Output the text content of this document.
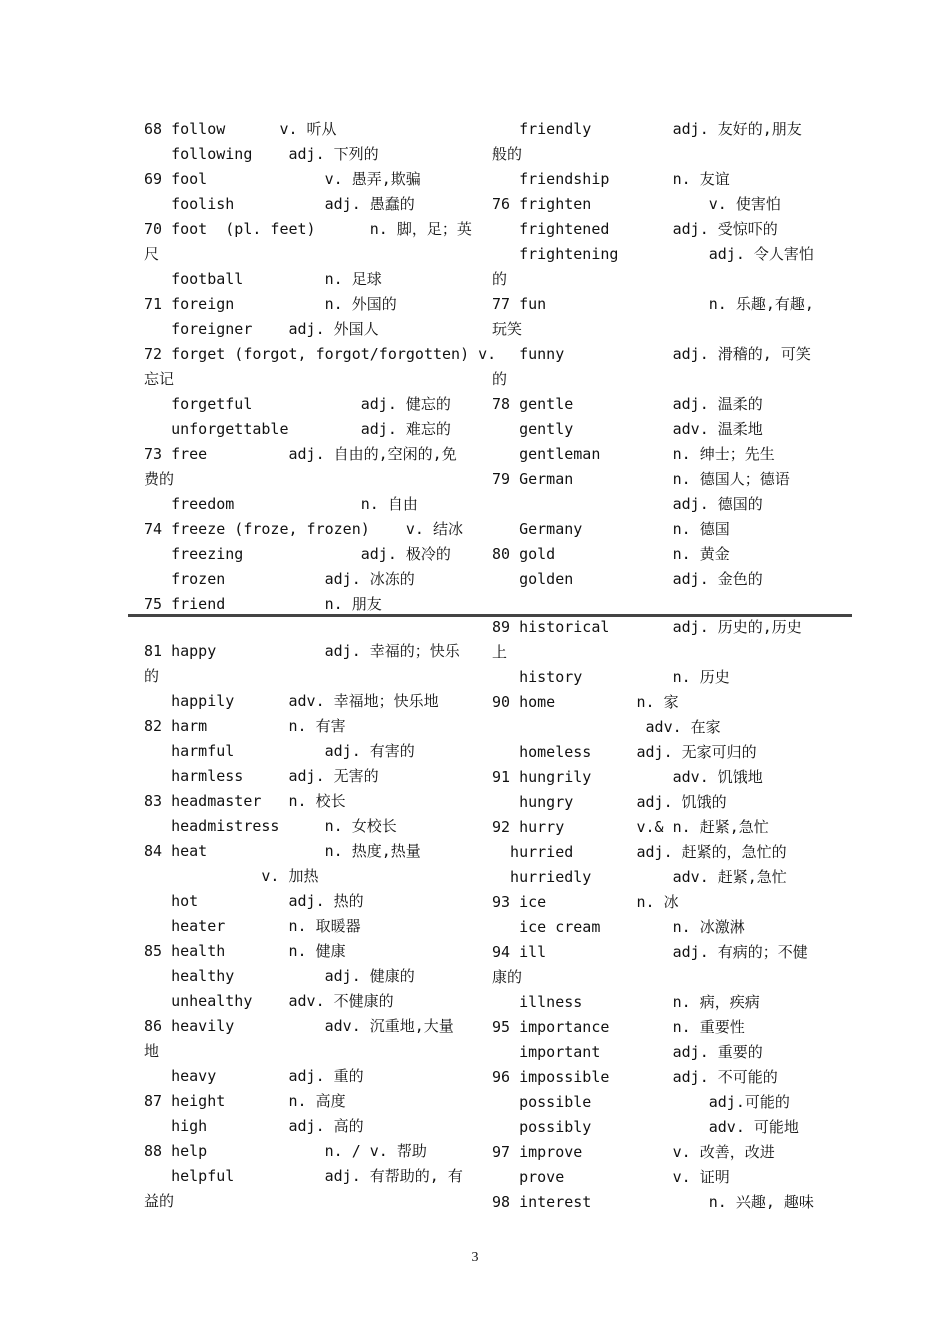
68 follow      v. 听从
following    adj. 下列的
69 fool             v. 愚弄,欺骗
foolish          adj. 愚蠢的
70 foot  (pl. feet)      n. 脚，足；英
尺
football         n. 足球
71 foreign          n. 外国的
foreigner    adj. 外国人
72 forget (forgot, forgot/forgotten) v.
忘记
forgetful            adj. 健忘的
unforgettable        adj. 难忘的
73 free         adj. 自由的,空闲的,免
费的
freedom              n. 自由
74 freeze (froze, frozen)    v. 结冰
freezing             adj. 极冷的
frozen           adj. 冰冻的
75 friend           n. 朋友
friendly         adj. 友好的,朋友
般的
friendship       n. 友谊
76 frighten             v. 使害怕
frightened       adj. 受惊吓的
frightening          adj. 令人害怕
的
77 fun                  n. 乐趣,有趣,
玩笑
funny            adj. 滑稽的, 可笑
的
78 gentle           adj. 温柔的
gently           adv. 温柔地
gentleman        n. 绅士；先生
79 German           n. 德国人；德语
adj. 德国的
Germany          n. 德国
80 gold             n. 黄金
golden           adj. 金色的
81 happy            adj. 幸福的；快乐
的
happily      adv. 幸福地；快乐地
82 harm         n. 有害
harmful          adj. 有害的
harmless     adj. 无害的
83 headmaster   n. 校长
headmistress     n. 女校长
84 heat             n. 热度,热量
v. 加热
hot          adj. 热的
heater       n. 取暖器
85 health       n. 健康
healthy          adj. 健康的
unhealthy    adv. 不健康的
86 heavily          adv. 沉重地,大量
地
heavy        adj. 重的
87 height       n. 高度
high         adj. 高的
88 help             n. / v. 帮助
helpful          adj. 有帮助的, 有
益的
89 historical       adj. 历史的,历史
上
history          n. 历史
90 home         n. 家
adv. 在家
homeless     adj. 无家可归的
91 hungrily         adv. 饥饿地
hungry       adj. 饥饿的
92 hurry        v.& n. 赶紧,急忙
hurried       adj. 赶紧的，急忙的
hurriedly         adv. 赶紧,急忙
93 ice          n. 冰
ice cream        n. 冰激淋
94 ill              adj. 有病的；不健
康的
illness          n. 病，疾病
95 importance       n. 重要性
important        adj. 重要的
96 impossible       adj. 不可能的
possible             adj.可能的
possibly             adv. 可能地
97 improve          v. 改善，改进
prove            v. 证明
98 interest             n. 兴趣, 趣味
3
